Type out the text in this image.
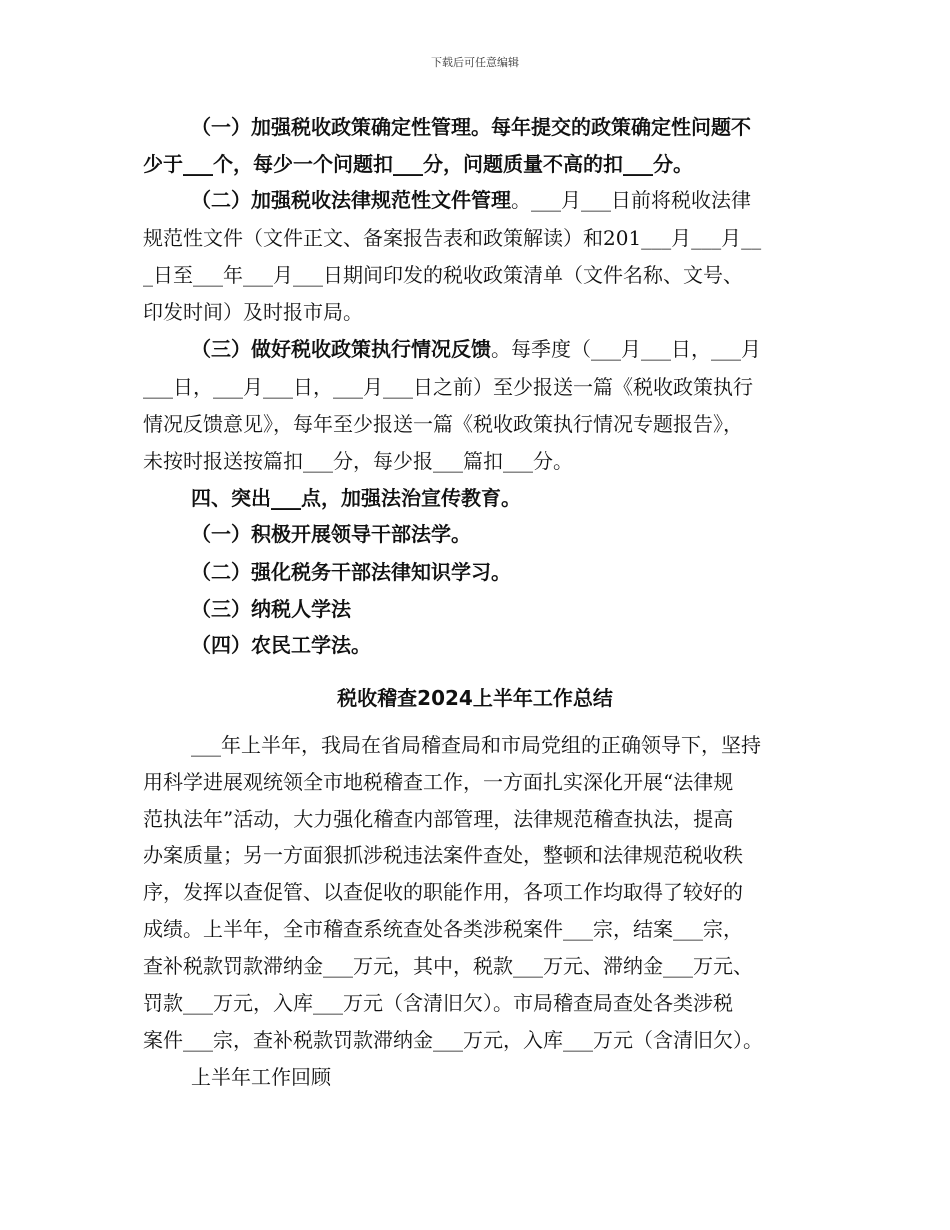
下载后可任意编辑
（一）加强税收政策确定性管理。每年提交的政策确定性问题不
少于___个，每少一个问题扣___分，问题质量不高的扣___分。
（二）加强税收法律规范性文件管理。___月___日前将税收法律
规范性文件（文件正文、备案报告表和政策解读）和201___月___月__
_日至___年___月___日期间印发的税收政策清单（文件名称、文号、
印发时间）及时报市局。
（三）做好税收政策执行情况反馈。每季度（___月___日，___月
___日，___月___日，___月___日之前）至少报送一篇《税收政策执行
情况反馈意见》，每年至少报送一篇《税收政策执行情况专题报告》，
未按时报送按篇扣___分，每少报___篇扣___分。
四、突出___点，加强法治宣传教育。
（一）积极开展领导干部法学。
（二）强化税务干部法律知识学习。
（三）纳税人学法
（四）农民工学法。
税收稽查2024上半年工作总结
___年上半年，我局在省局稽查局和市局党组的正确领导下，坚持
用科学进展观统领全市地税稽查工作，一方面扎实深化开展“法律规
范执法年”活动，大力强化稽查内部管理，法律规范稽查执法，提高
办案质量；另一方面狠抓涉税违法案件查处，整顿和法律规范税收秩
序，发挥以查促管、以查促收的职能作用，各项工作均取得了较好的
成绩。上半年，全市稽查系统查处各类涉税案件___宗，结案___宗，
查补税款罚款滞纳金___万元，其中，税款___万元、滞纳金___万元、
罚款___万元，入库___万元（含清旧欠）。市局稽查局查处各类涉税
案件___宗，查补税款罚款滞纳金___万元，入库___万元（含清旧欠）。
上半年工作回顾
